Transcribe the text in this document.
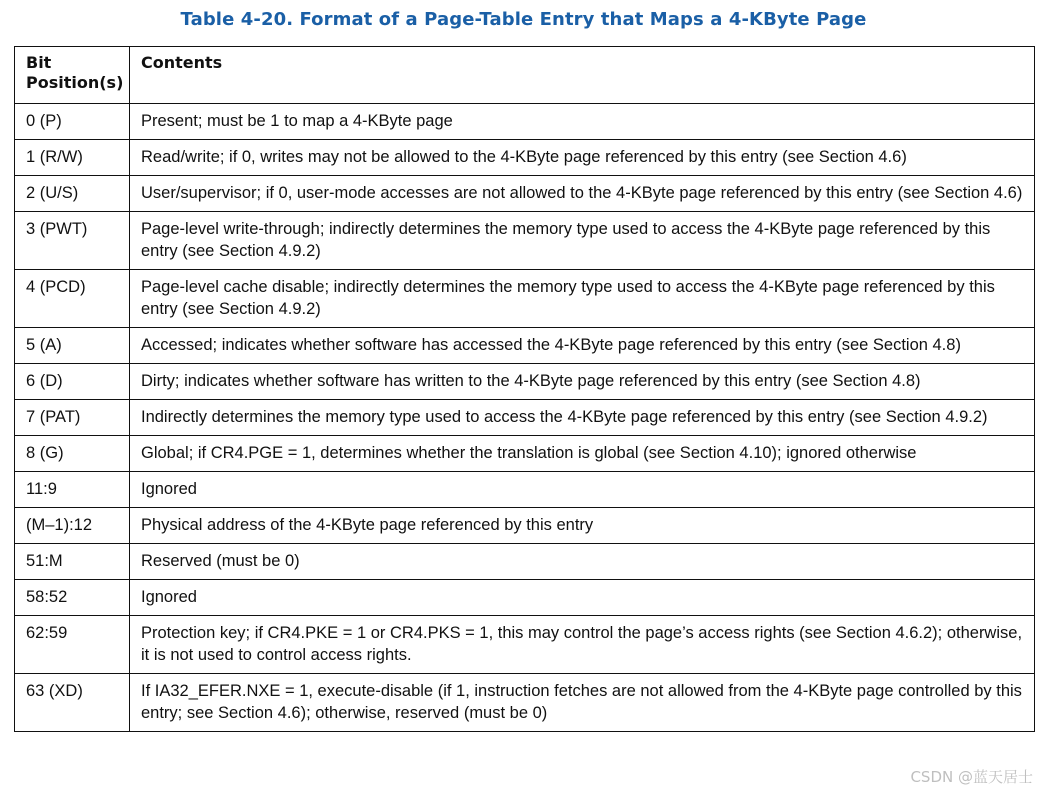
Table 4-20. Format of a Page-Table Entry that Maps a 4-KByte Page
Bit Position(s)	Contents
0 (P)	Present; must be 1 to map a 4-KByte page
1 (R/W)	Read/write; if 0, writes may not be allowed to the 4-KByte page referenced by this entry (see Section 4.6)
2 (U/S)	User/supervisor; if 0, user-mode accesses are not allowed to the 4-KByte page referenced by this entry (see Section 4.6)
3 (PWT)	Page-level write-through; indirectly determines the memory type used to access the 4-KByte page referenced by this entry (see Section 4.9.2)
4 (PCD)	Page-level cache disable; indirectly determines the memory type used to access the 4-KByte page referenced by this entry (see Section 4.9.2)
5 (A)	Accessed; indicates whether software has accessed the 4-KByte page referenced by this entry (see Section 4.8)
6 (D)	Dirty; indicates whether software has written to the 4-KByte page referenced by this entry (see Section 4.8)
7 (PAT)	Indirectly determines the memory type used to access the 4-KByte page referenced by this entry (see Section 4.9.2)
8 (G)	Global; if CR4.PGE = 1, determines whether the translation is global (see Section 4.10); ignored otherwise
11:9	Ignored
(M–1):12	Physical address of the 4-KByte page referenced by this entry
51:M	Reserved (must be 0)
58:52	Ignored
62:59	Protection key; if CR4.PKE = 1 or CR4.PKS = 1, this may control the page’s access rights (see Section 4.6.2); otherwise, it is not used to control access rights.
63 (XD)	If IA32_EFER.NXE = 1, execute-disable (if 1, instruction fetches are not allowed from the 4-KByte page controlled by this entry; see Section 4.6); otherwise, reserved (must be 0)
CSDN @蓝天居士
